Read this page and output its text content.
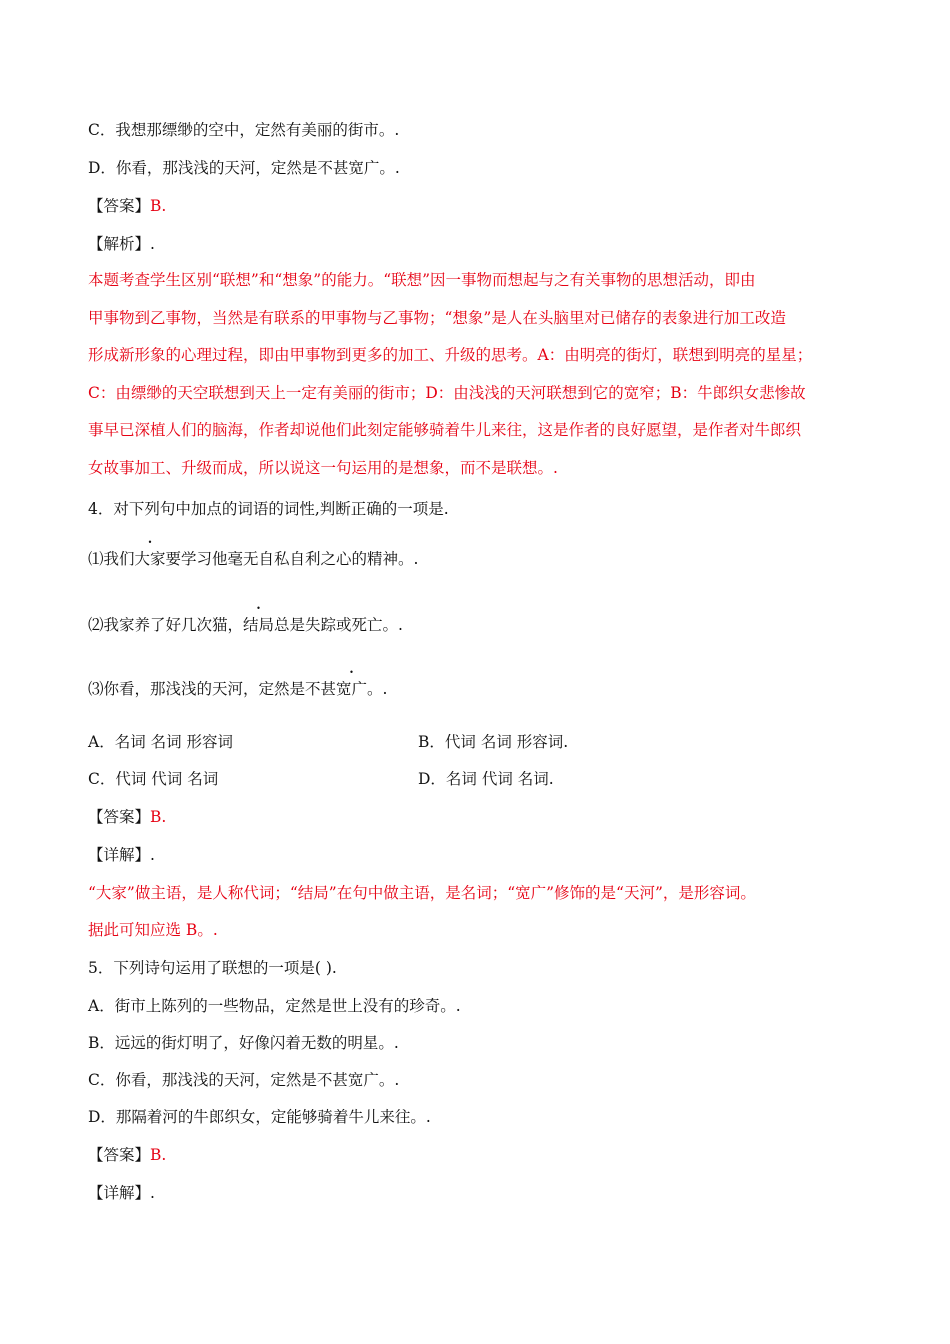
C．我想那缥缈的空中，定然有美丽的街市。.
D．你看，那浅浅的天河，定然是不甚宽广。.
【答案】B.
【解析】.
本题考查学生区别“联想”和“想象”的能力。“联想”因一事物而想起与之有关事物的思想活动，即由
甲事物到乙事物，当然是有联系的甲事物与乙事物；“想象”是人在头脑里对已储存的表象进行加工改造
形成新形象的心理过程，即由甲事物到更多的加工、升级的思考。A：由明亮的街灯，联想到明亮的星星；
C：由缥缈的天空联想到天上一定有美丽的街市；D：由浅浅的天河联想到它的宽窄；B：牛郎织女悲惨故
事早已深植人们的脑海，作者却说他们此刻定能够骑着牛儿来往，这是作者的良好愿望，是作者对牛郎织
女故事加工、升级而成，所以说这一句运用的是想象，而不是联想。.
4．对下列句中加点的词语的词性,判断正确的一项是.
⑴我们大家要学习他毫无自私自利之心的精神。.
⑵我家养了好几次猫，结局总是失踪或死亡。.
⑶你看，那浅浅的天河，定然是不甚宽广。.
A．名词 名词 形容词	B．代词 名词 形容词.
C．代词 代词 名词	D．名词 代词 名词.
【答案】B.
【详解】.
“大家”做主语，是人称代词；“结局”在句中做主语，是名词；“宽广”修饰的是“天河”，是形容词。
据此可知应选 B。.
5．下列诗句运用了联想的一项是( ).
A．街市上陈列的一些物品，定然是世上没有的珍奇。.
B．远远的街灯明了，好像闪着无数的明星。.
C．你看，那浅浅的天河，定然是不甚宽广。.
D．那隔着河的牛郎织女，定能够骑着牛儿来往。.
【答案】B.
【详解】.
